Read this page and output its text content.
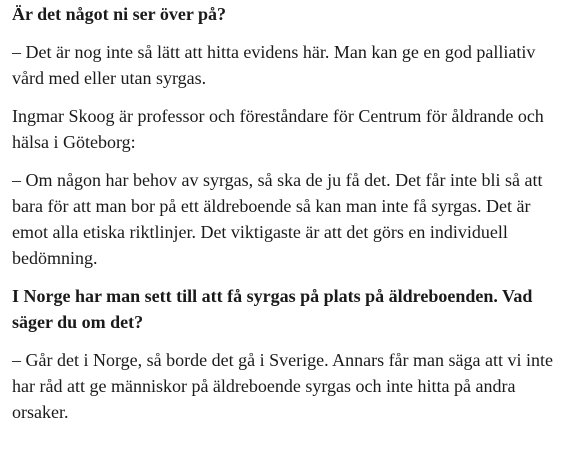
Är det något ni ser över på?

– Det är nog inte så lätt att hitta evidens här. Man kan ge en god palliativ vård med eller utan syrgas.

Ingmar Skoog är professor och föreståndare för Centrum för åldrande och hälsa i Göteborg:

– Om någon har behov av syrgas, så ska de ju få det. Det får inte bli så att bara för att man bor på ett äldreboende så kan man inte få syrgas. Det är emot alla etiska riktlinjer. Det viktigaste är att det görs en individuell bedömning.

I Norge har man sett till att få syrgas på plats på äldreboenden. Vad säger du om det?

– Går det i Norge, så borde det gå i Sverige. Annars får man säga att vi inte har råd att ge människor på äldreboende syrgas och inte hitta på andra orsaker.
